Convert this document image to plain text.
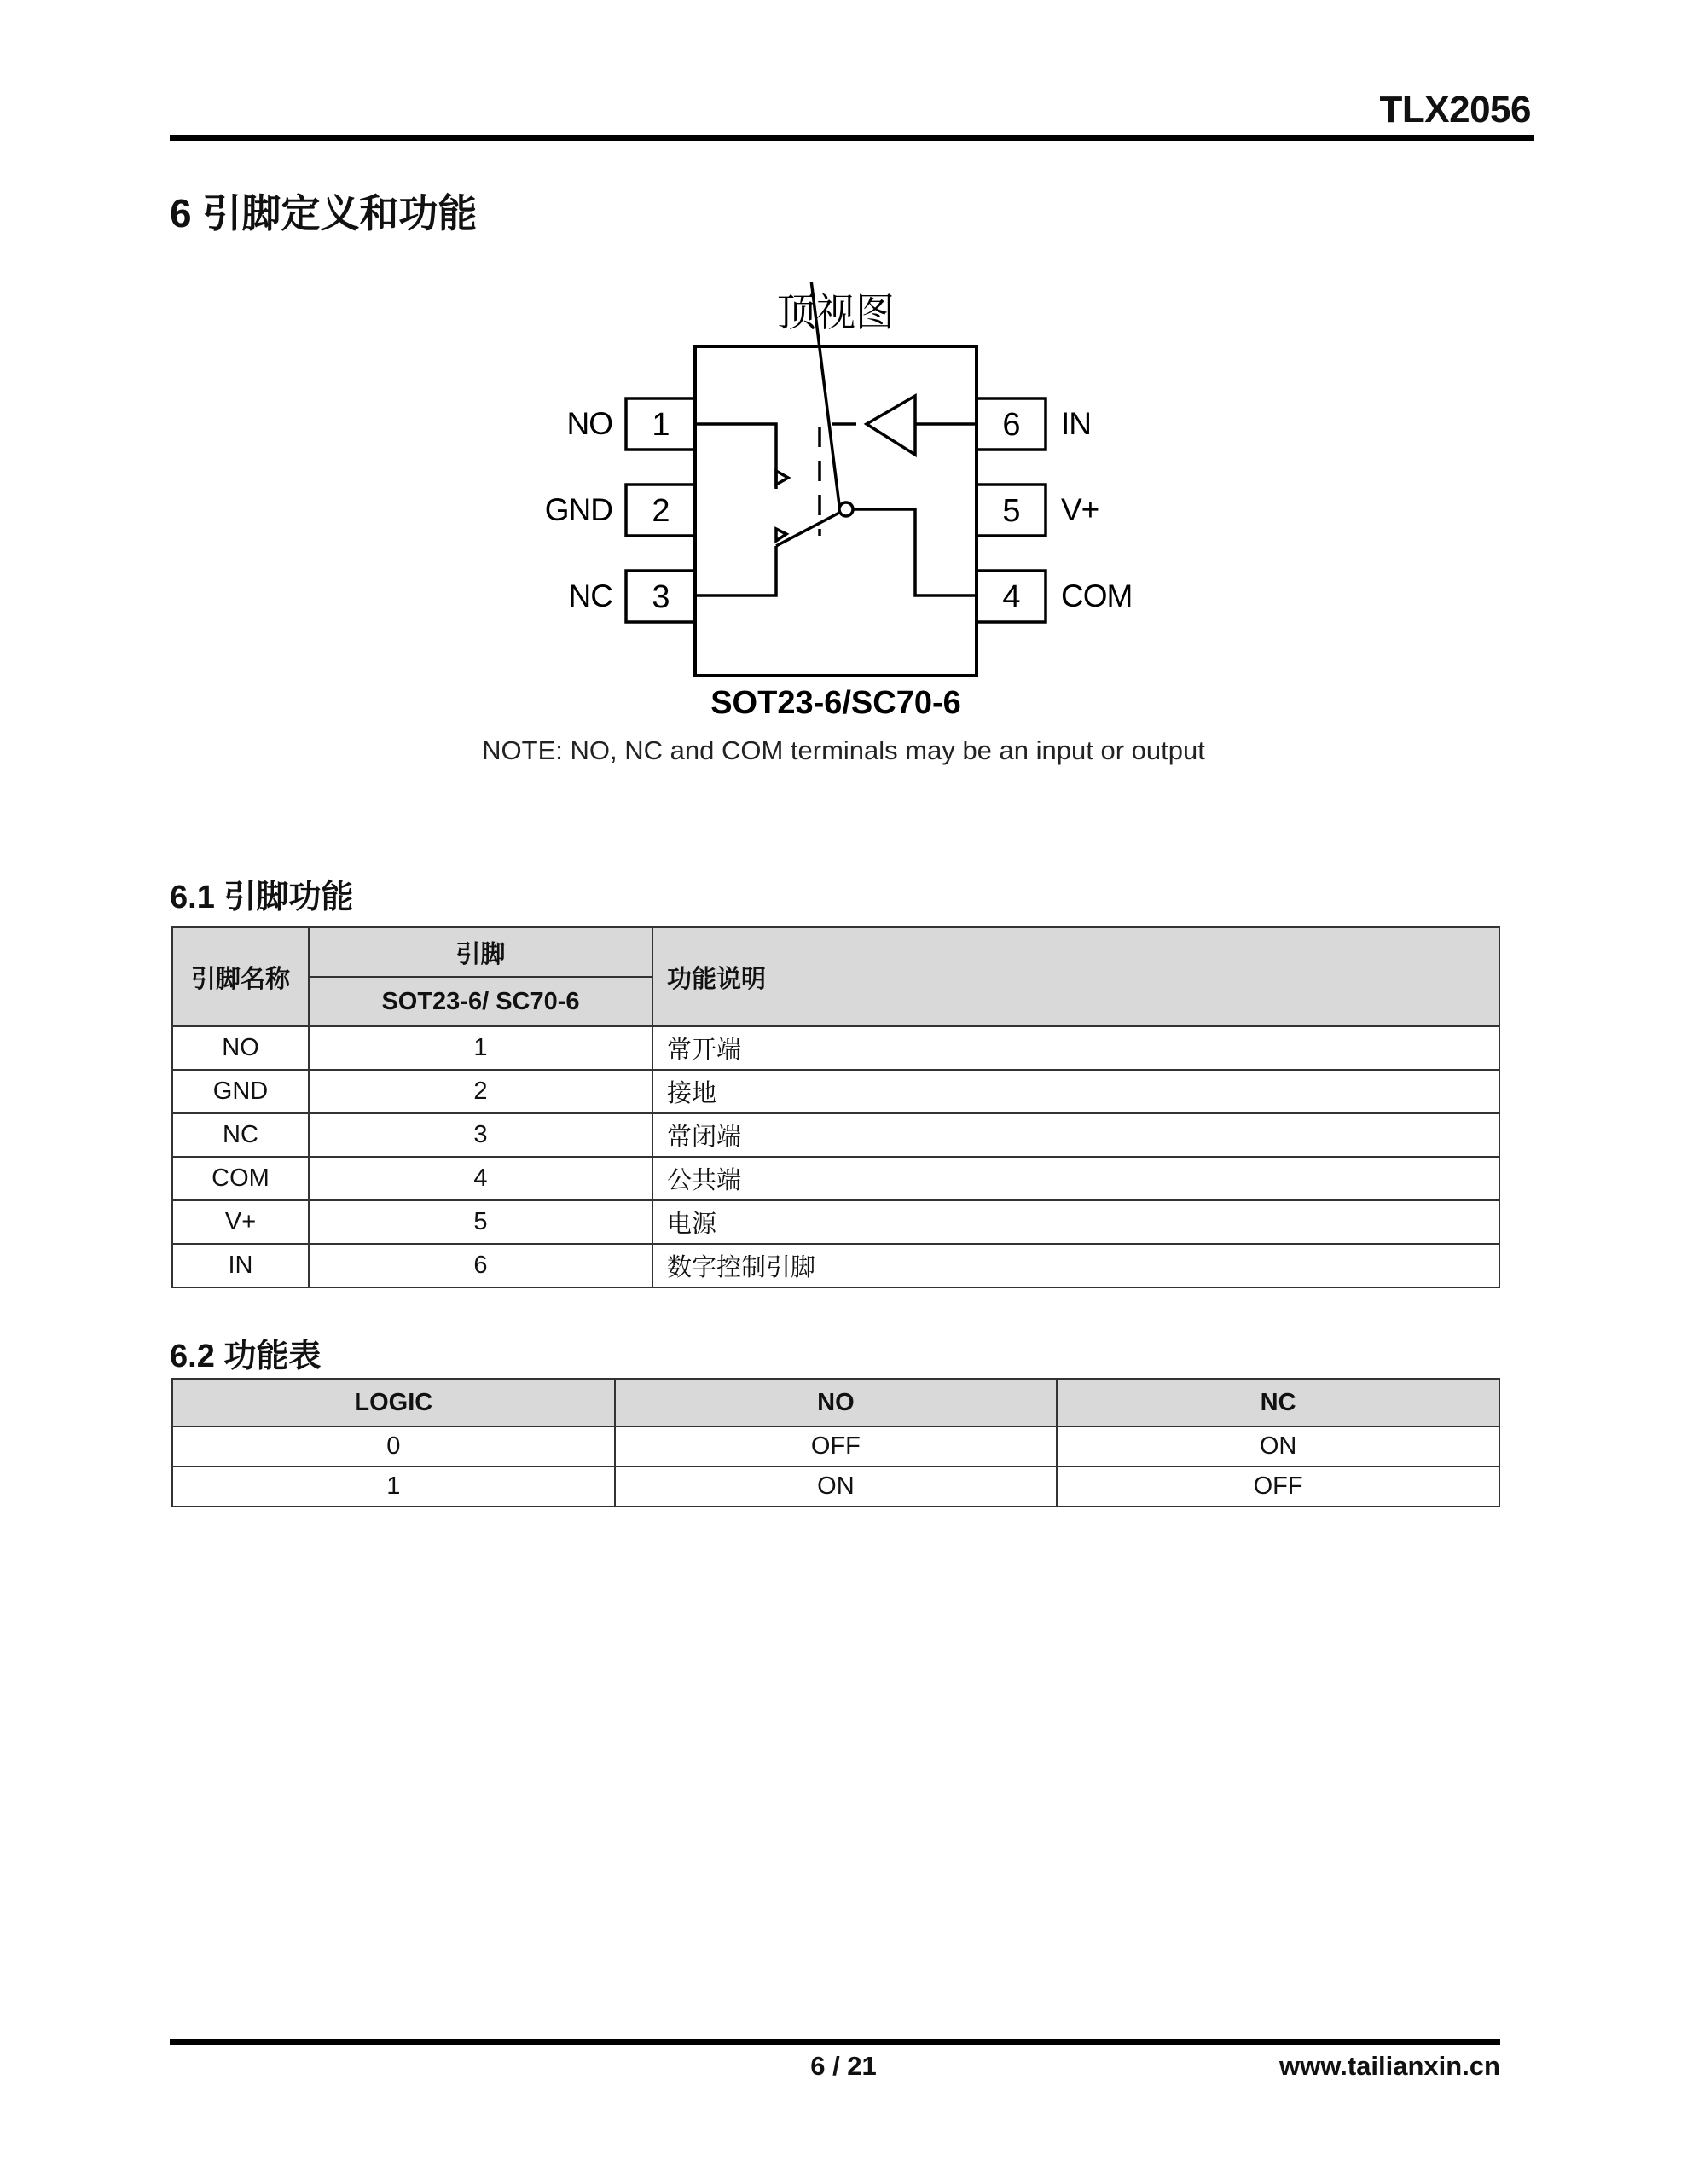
TLX2056
6 引脚定义和功能
顶视图
1
2
3
6
5
4
NO
GND
NC
IN
V+
COM
SOT23-6/SC70-6
NOTE: NO, NC and COM terminals may be an input or output
6.1 引脚功能
引脚名称	引脚	功能说明
	SOT23-6/ SC70-6	
NO	1	常开端
GND	2	接地
NC	3	常闭端
COM	4	公共端
V+	5	电源
IN	6	数字控制引脚
6.2 功能表
LOGIC	NO	NC
0	OFF	ON
1	ON	OFF
6 / 21	www.tailianxin.cn
